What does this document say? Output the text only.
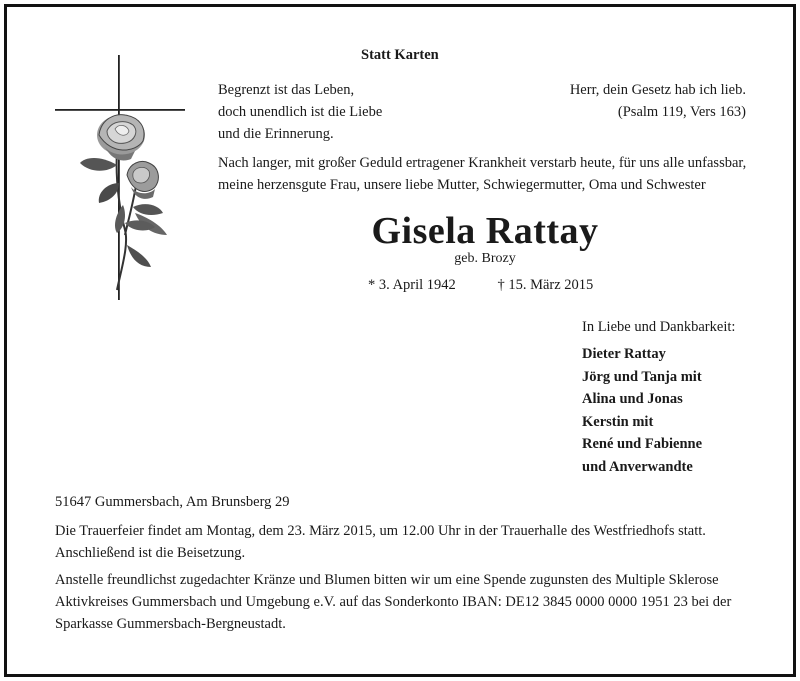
Statt Karten
Begrenzt ist das Leben,
doch unendlich ist die Liebe
und die Erinnerung.
Herr, dein Gesetz hab ich lieb.
(Psalm 119, Vers 163)
Nach langer, mit großer Geduld ertragener Krankheit verstarb heute, für uns alle unfassbar,
meine herzensgute Frau, unsere liebe Mutter, Schwiegermutter, Oma und Schwester
Gisela Rattay
geb. Brozy
* 3. April 1942	† 15. März 2015
In Liebe und Dankbarkeit:
Dieter Rattay
Jörg und Tanja mit
Alina und Jonas
Kerstin mit
René und Fabienne
und Anverwandte
51647 Gummersbach, Am Brunsberg 29
Die Trauerfeier findet am Montag, dem 23. März 2015, um 12.00 Uhr in der Trauerhalle des Westfriedhofs statt.
Anschließend ist die Beisetzung.
Anstelle freundlichst zugedachter Kränze und Blumen bitten wir um eine Spende zugunsten des Multiple Sklerose
Aktivkreises Gummersbach und Umgebung e.V. auf das Sonderkonto IBAN: DE12 3845 0000 0000 1951 23 bei der
Sparkasse Gummersbach-Bergneustadt.
